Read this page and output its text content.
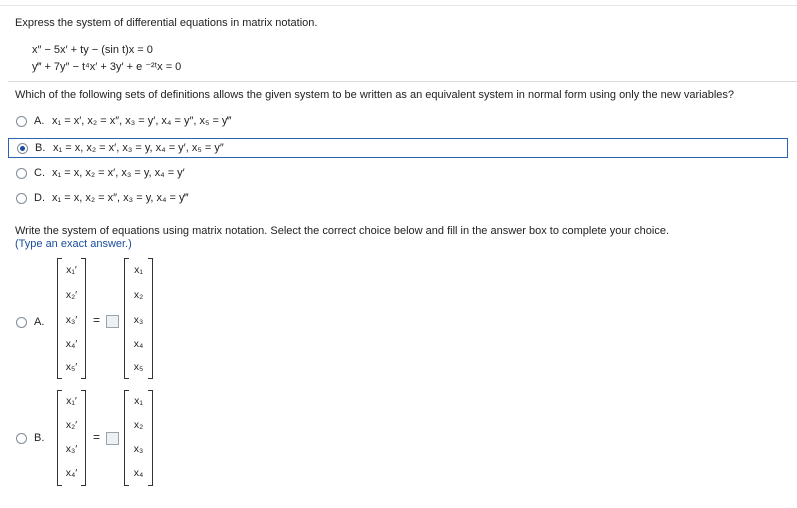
Express the system of differential equations in matrix notation.
x″ − 5x′ + ty − (sin t)x = 0
y‴ + 7y″ − t⁴x′ + 3y′ + e ⁻²ᵗx = 0
Which of the following sets of definitions allows the given system to be written as an equivalent system in normal form using only the new variables?
A. x₁ = x′, x₂ = x″, x₃ = y′, x₄ = y″, x₅ = y‴
B. x₁ = x, x₂ = x′, x₃ = y, x₄ = y′, x₅ = y″
C. x₁ = x, x₂ = x′, x₃ = y, x₄ = y′
D. x₁ = x, x₂ = x″, x₃ = y, x₄ = y‴
Write the system of equations using matrix notation. Select the correct choice below and fill in the answer box to complete your choice.
(Type an exact answer.)
A.
x₁′
x₂′
x₃′
x₄′
x₅′
=
x₁
x₂
x₃
x₄
x₅
B.
x₁′
x₂′
x₃′
x₄′
=
x₁
x₂
x₃
x₄
